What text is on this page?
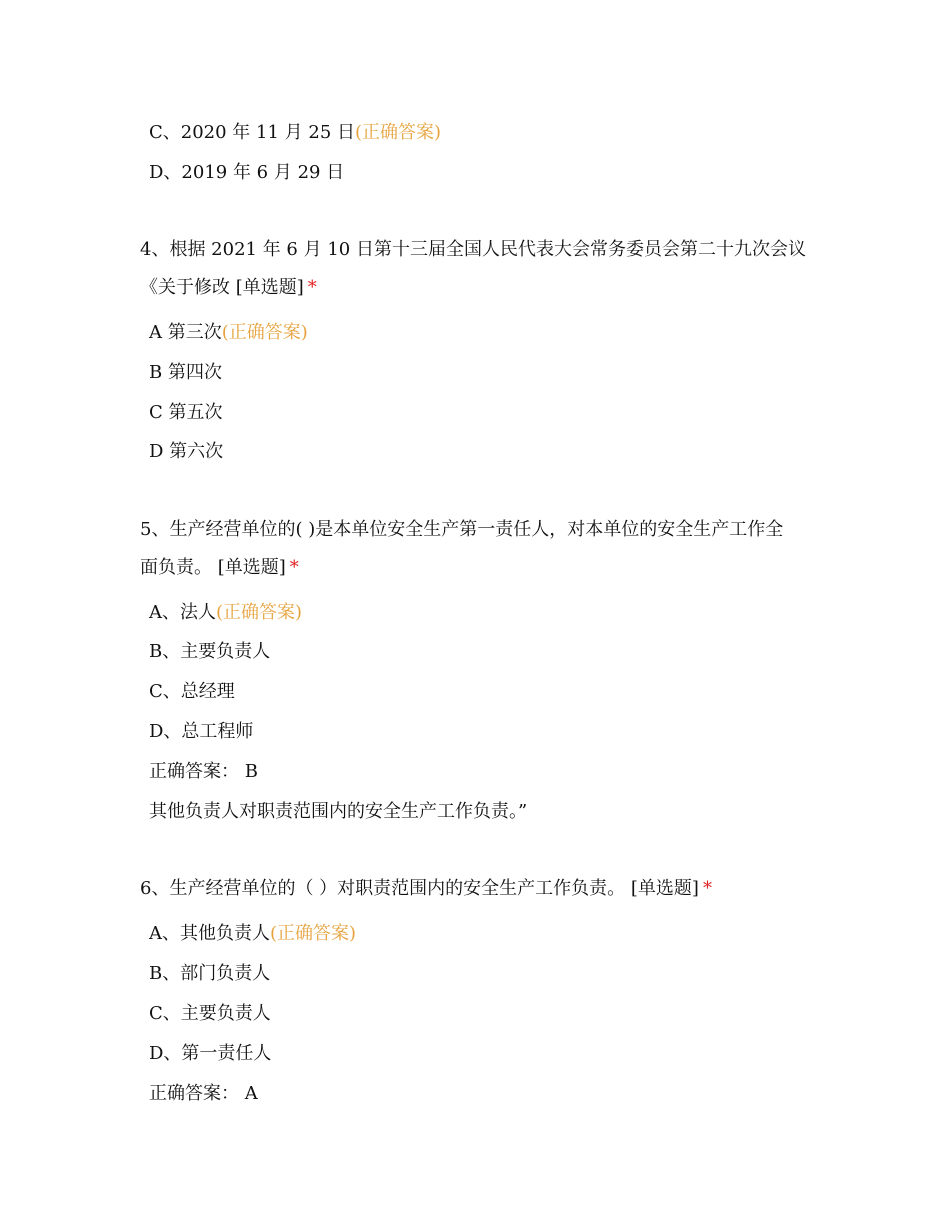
C、2020 年 11 月 25 日(正确答案)
D、2019 年 6 月 29 日
4、根据 2021 年 6 月 10 日第十三届全国人民代表大会常务委员会第二十九次会议
《关于修改 [单选题] *
A 第三次(正确答案)
B 第四次
C 第五次
D 第六次
5、生产经营单位的( )是本单位安全生产第一责任人，对本单位的安全生产工作全
面负责。 [单选题] *
A、法人(正确答案)
B、主要负责人
C、总经理
D、总工程师
正确答案： B
其他负责人对职责范围内的安全生产工作负责。”
6、生产经营单位的（ ）对职责范围内的安全生产工作负责。 [单选题] *
A、其他负责人(正确答案)
B、部门负责人
C、主要负责人
D、第一责任人
正确答案： A
